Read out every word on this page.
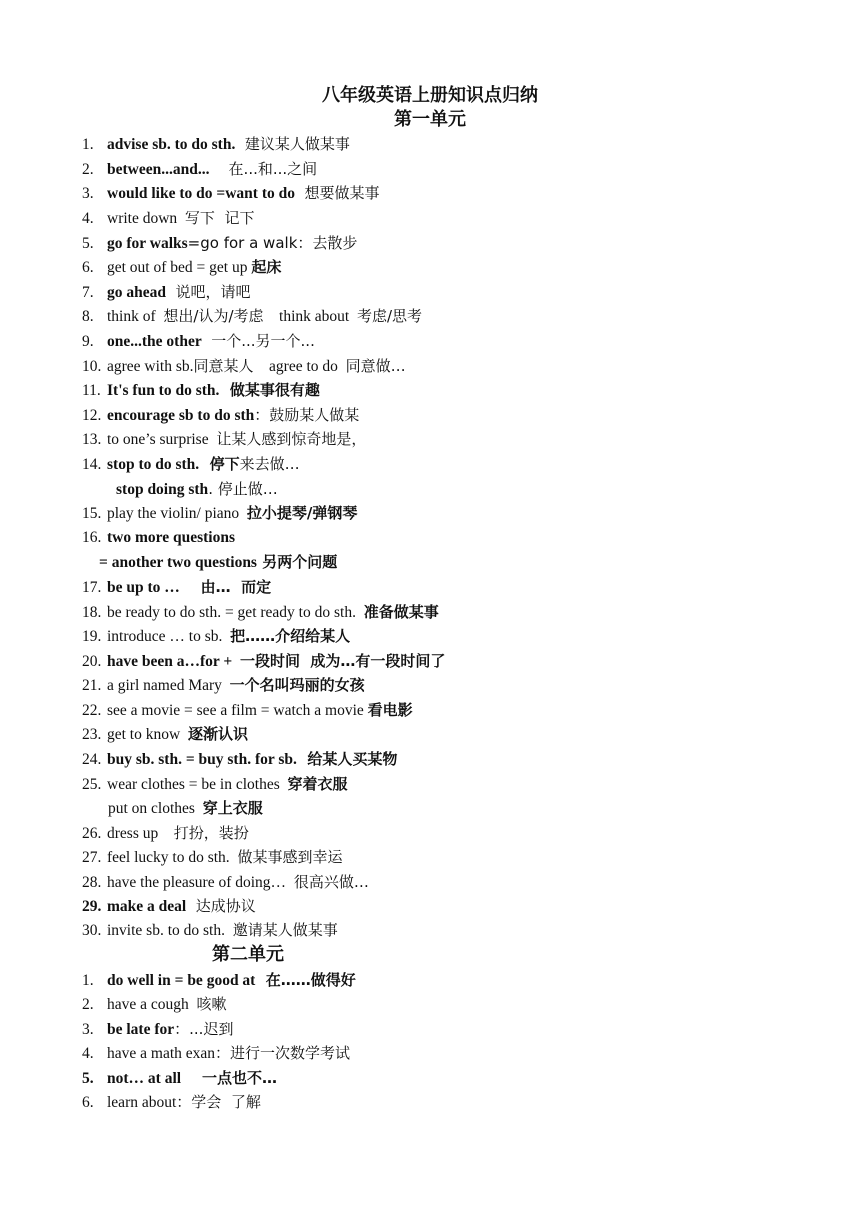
八年级英语上册知识点归纳
第一单元
1. advise sb. to do sth.  建议某人做某事
2. between...and...    在...和...之间
3. would like to do =want to do  想要做某事
4. write down  写下  记下
5. go for walks=go for a walk：去散步
6. get out of bed = get up 起床
7. go ahead  说吧，请吧
8. think of  想出/认为/考虑    think about  考虑/思考
9. one...the other  一个...另一个...
10. agree with sb.同意某人    agree to do  同意做…
11. It's fun to do sth.  做某事很有趣
12. encourage sb to do sth：鼓励某人做某
13. to one’s surprise  让某人感到惊奇地是，
14. stop to do sth.  停下来去做…
stop doing sth. 停止做…
15. play the violin/ piano  拉小提琴/弹钢琴
16. two more questions
= another two questions 另两个问题
17. be up to …    由…  而定
18. be ready to do sth. = get ready to do sth.  准备做某事
19. introduce … to sb.  把……介绍给某人
20. have been a…for +  一段时间  成为…有一段时间了
21. a girl named Mary  一个名叫玛丽的女孩
22. see a movie = see a film = watch a movie 看电影
23. get to know  逐渐认识
24. buy sb. sth. = buy sth. for sb.  给某人买某物
25. wear clothes = be in clothes  穿着衣服
put on clothes  穿上衣服
26. dress up    打扮，装扮
27. feel lucky to do sth.  做某事感到幸运
28. have the pleasure of doing…  很高兴做…
29. make a deal  达成协议
30. invite sb. to do sth.  邀请某人做某事
第二单元
1. do well in = be good at  在……做得好
2. have a cough  咳嗽
3. be late for：...迟到
4. have a math exan：进行一次数学考试
5. not… at all    一点也不…
6. learn about：学会  了解
